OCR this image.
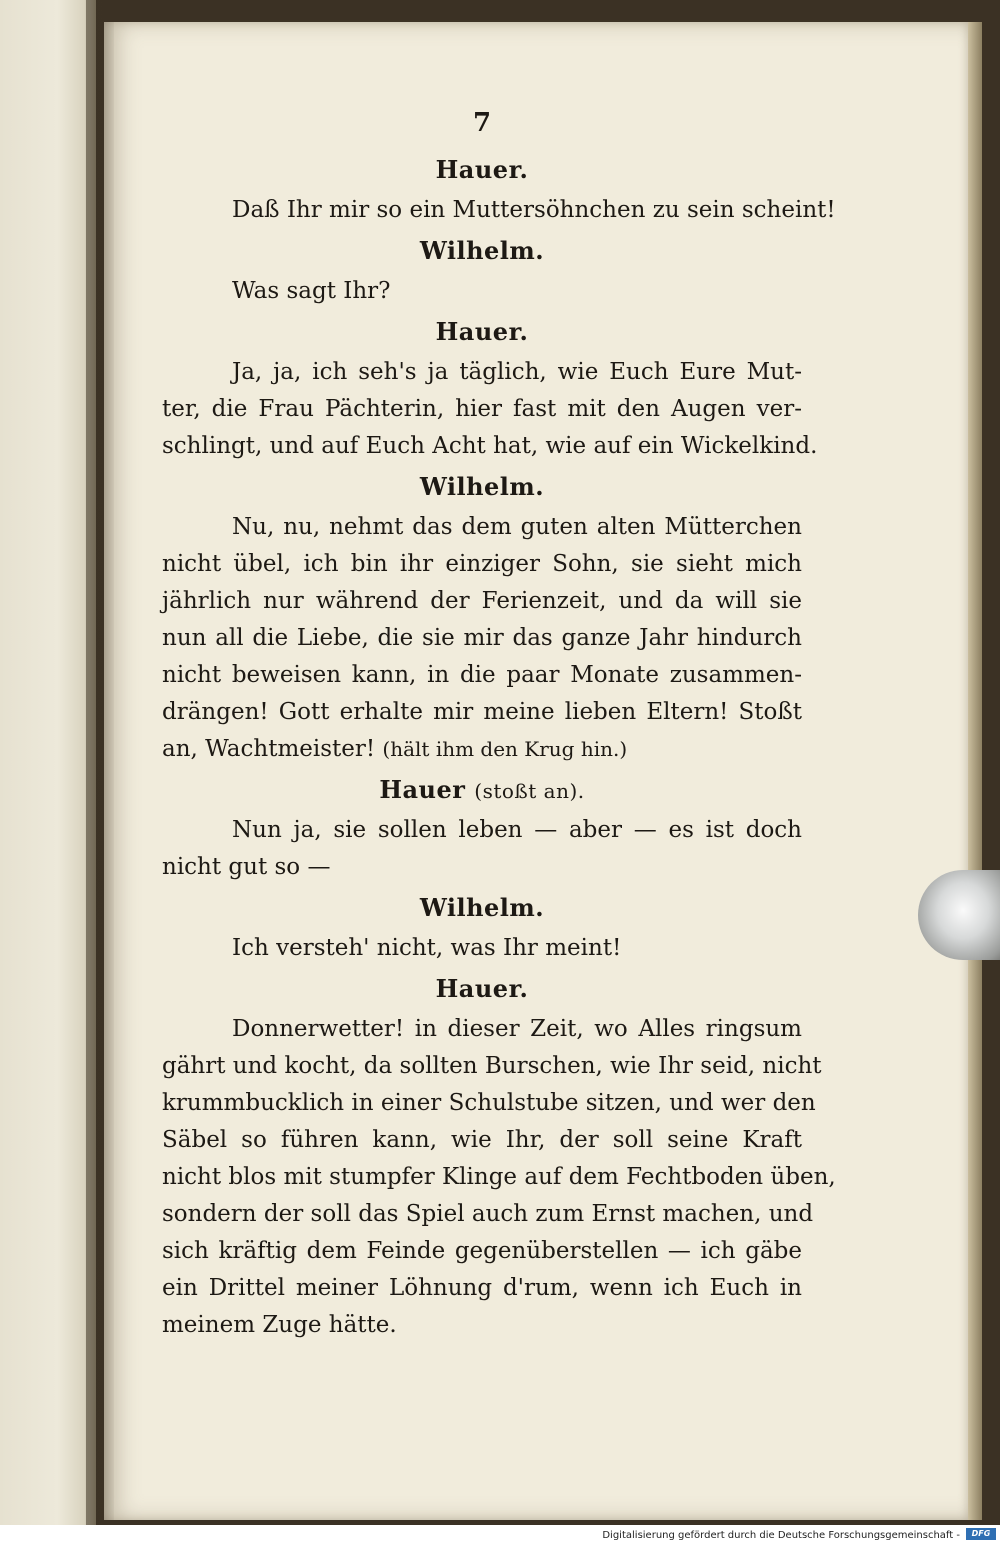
7
Hauer.
Daß Ihr mir so ein Muttersöhnchen zu sein scheint!
Wilhelm.
Was sagt Ihr?
Hauer.
Ja, ja, ich seh's ja täglich, wie Euch Eure Mut-
ter, die Frau Pächterin, hier fast mit den Augen ver-
schlingt, und auf Euch Acht hat, wie auf ein Wickelkind.
Wilhelm.
Nu, nu, nehmt das dem guten alten Mütterchen
nicht übel, ich bin ihr einziger Sohn, sie sieht mich
jährlich nur während der Ferienzeit, und da will sie
nun all die Liebe, die sie mir das ganze Jahr hindurch
nicht beweisen kann, in die paar Monate zusammen-
drängen! Gott erhalte mir meine lieben Eltern! Stoßt
an, Wachtmeister! (hält ihm den Krug hin.)
Hauer (stoßt an).
Nun ja, sie sollen leben — aber — es ist doch
nicht gut so —
Wilhelm.
Ich versteh' nicht, was Ihr meint!
Hauer.
Donnerwetter! in dieser Zeit, wo Alles ringsum
gährt und kocht, da sollten Burschen, wie Ihr seid, nicht
krummbucklich in einer Schulstube sitzen, und wer den
Säbel so führen kann, wie Ihr, der soll seine Kraft
nicht blos mit stumpfer Klinge auf dem Fechtboden üben,
sondern der soll das Spiel auch zum Ernst machen, und
sich kräftig dem Feinde gegenüberstellen — ich gäbe
ein Drittel meiner Löhnung d'rum, wenn ich Euch in
meinem Zuge hätte.
Digitalisierung gefördert durch die Deutsche Forschungsgemeinschaft -	DFG
